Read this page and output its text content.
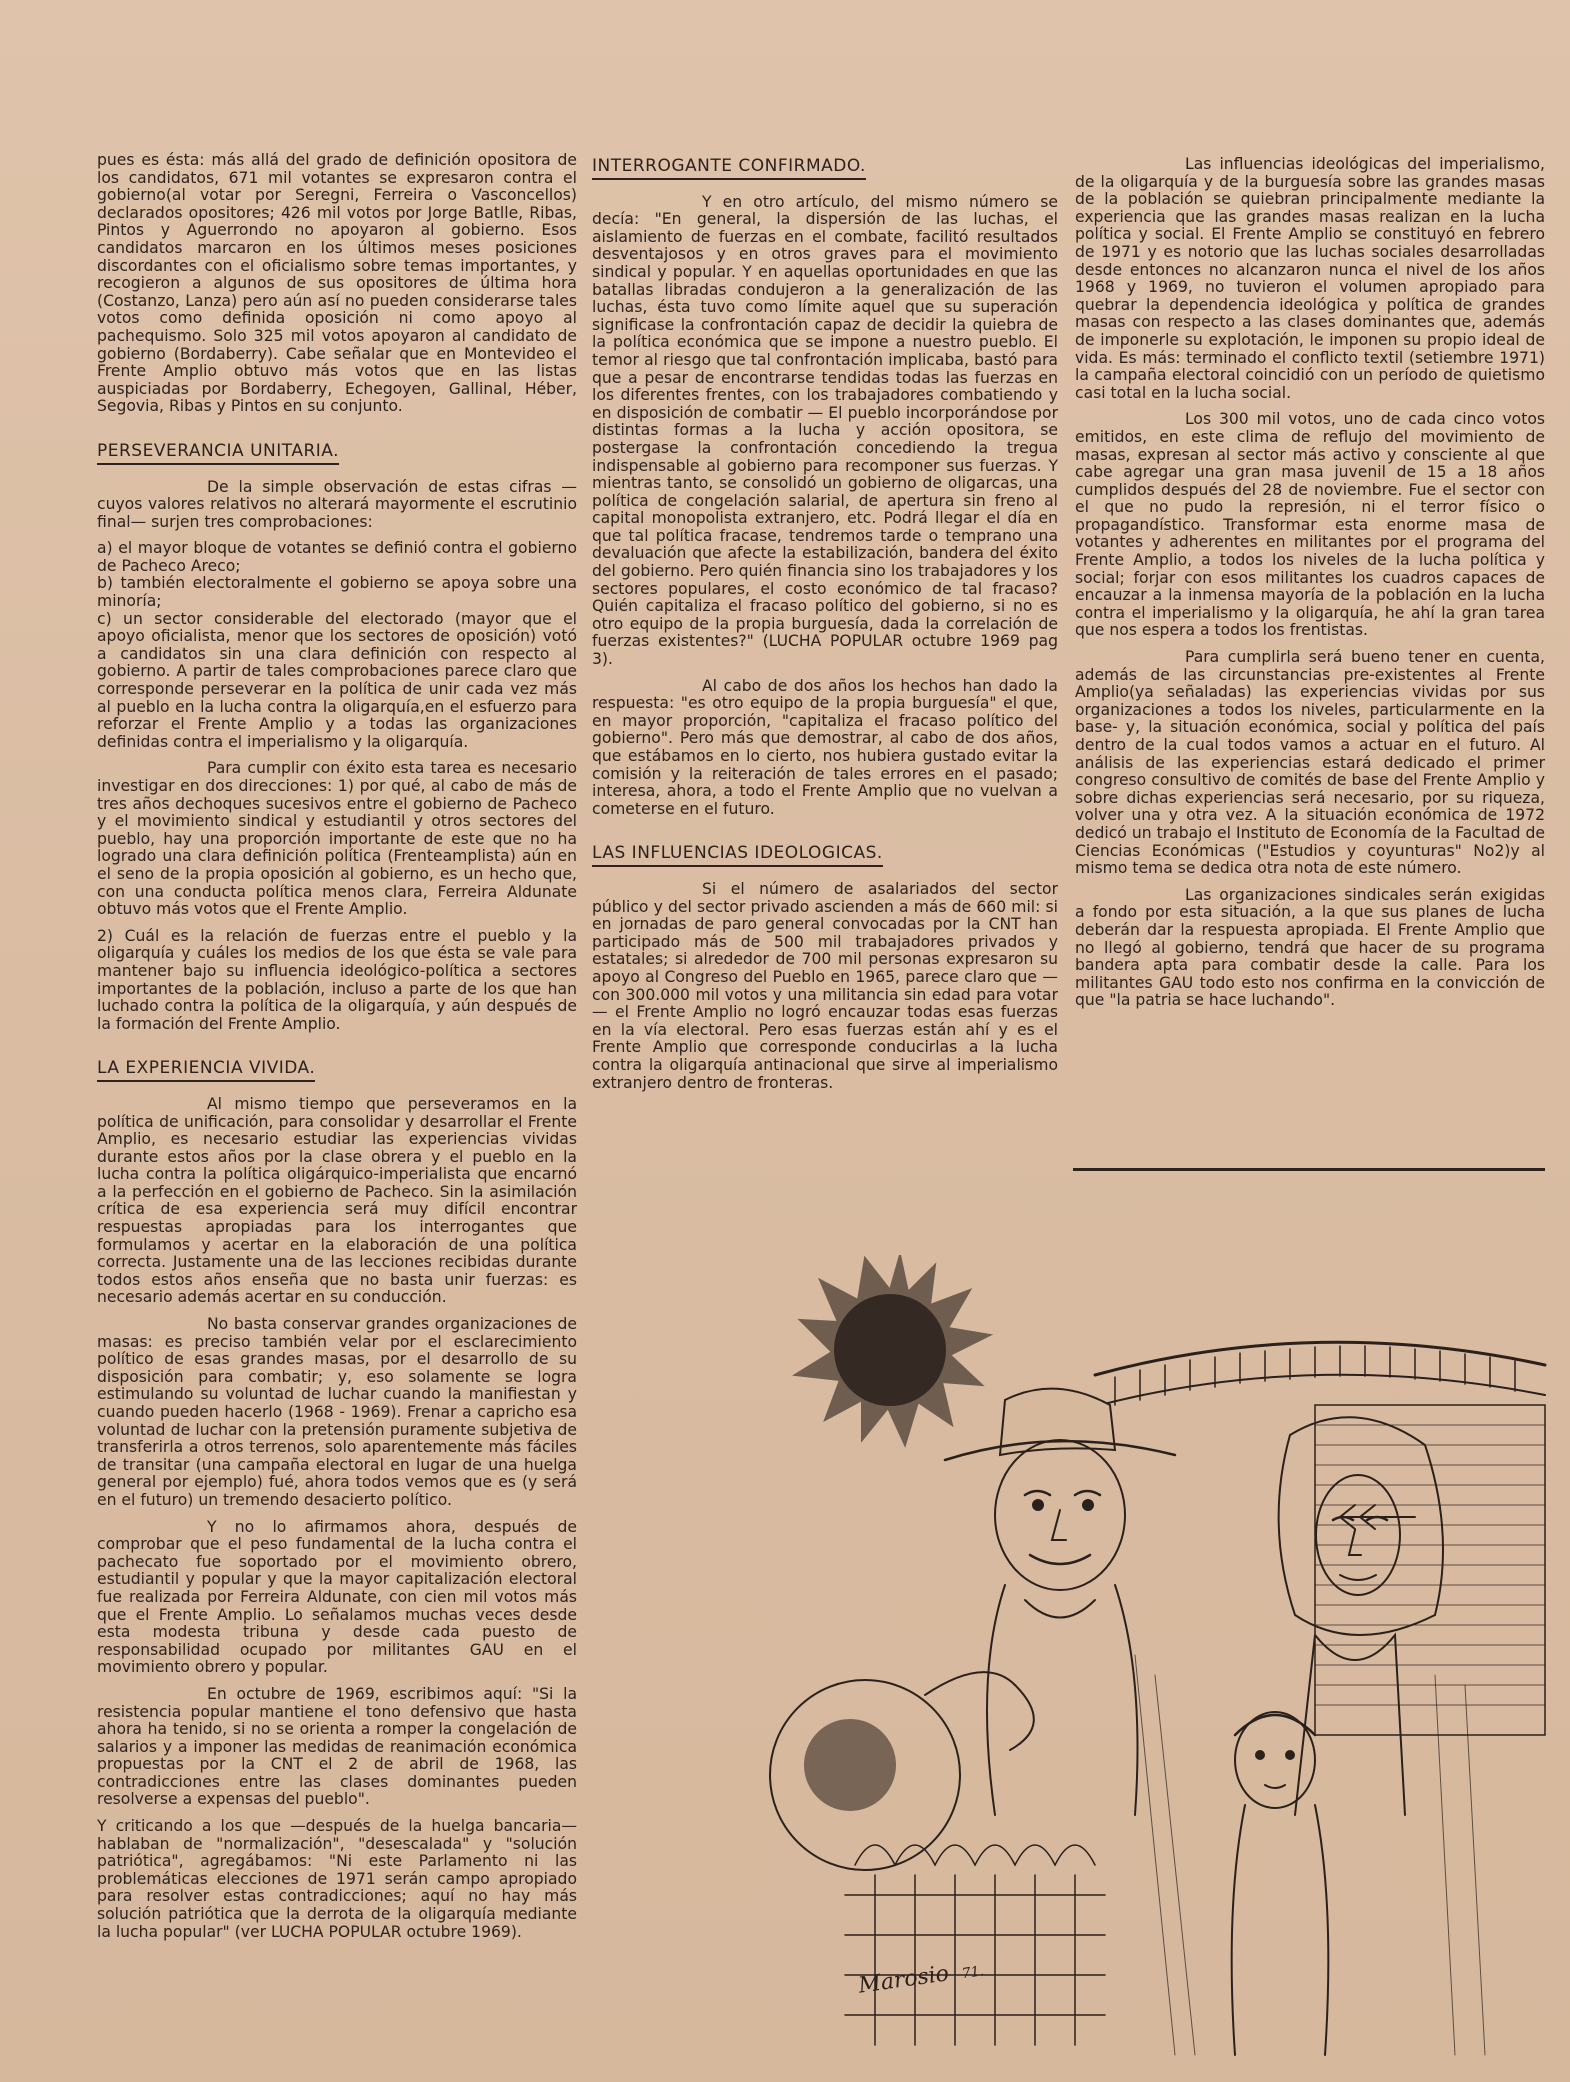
pues es ésta: más allá del grado de definición opositora de los candidatos, 671 mil votantes se expresaron contra el gobierno(al votar por Seregni, Ferreira o Vasconcellos) declarados opositores; 426 mil votos por Jorge Batlle, Ribas, Pintos y Aguerrondo no apoyaron al gobierno. Esos candidatos marcaron en los últimos meses posiciones discordantes con el oficialismo sobre temas importantes, y recogieron a algunos de sus opositores de última hora (Costanzo, Lanza) pero aún así no pueden considerarse tales votos como definida oposición ni como apoyo al pachequismo. Solo 325 mil votos apoyaron al candidato de gobierno (Bordaberry). Cabe señalar que en Montevideo el Frente Amplio obtuvo más votos que en las listas auspiciadas por Bordaberry, Echegoyen, Gallinal, Héber, Segovia, Ribas y Pintos en su conjunto.

PERSEVERANCIA UNITARIA.

De la simple observación de estas cifras —cuyos valores relativos no alterará mayormente el escrutinio final— surjen tres comprobaciones:

a) el mayor bloque de votantes se definió contra el gobierno de Pacheco Areco;

b) también electoralmente el gobierno se apoya sobre una minoría;

c) un sector considerable del electorado (mayor que el apoyo oficialista, menor que los sectores de oposición) votó a candidatos sin una clara definición con respecto al gobierno. A partir de tales comprobaciones parece claro que corresponde perseverar en la política de unir cada vez más al pueblo en la lucha contra la oligarquía,en el esfuerzo para reforzar el Frente Amplio y a todas las organizaciones definidas contra el imperialismo y la oligarquía.

Para cumplir con éxito esta tarea es necesario investigar en dos direcciones: 1) por qué, al cabo de más de tres años dechoques sucesivos entre el gobierno de Pacheco y el movimiento sindical y estudiantil y otros sectores del pueblo, hay una proporción importante de este que no ha logrado una clara definición política (Frenteamplista) aún en el seno de la propia oposición al gobierno, es un hecho que, con una conducta política menos clara, Ferreira Aldunate obtuvo más votos que el Frente Amplio.

2) Cuál es la relación de fuerzas entre el pueblo y la oligarquía y cuáles los medios de los que ésta se vale para mantener bajo su influencia ideológico-política a sectores importantes de la población, incluso a parte de los que han luchado contra la política de la oligarquía, y aún después de la formación del Frente Amplio.

LA EXPERIENCIA VIVIDA.

Al mismo tiempo que perseveramos en la política de unificación, para consolidar y desarrollar el Frente Amplio, es necesario estudiar las experiencias vividas durante estos años por la clase obrera y el pueblo en la lucha contra la política oligárquico-imperialista que encarnó a la perfección en el gobierno de Pacheco. Sin la asimilación crítica de esa experiencia será muy difícil encontrar respuestas apropiadas para los interrogantes que formulamos y acertar en la elaboración de una política correcta. Justamente una de las lecciones recibidas durante todos estos años enseña que no basta unir fuerzas: es necesario además acertar en su conducción.

No basta conservar grandes organizaciones de masas: es preciso también velar por el esclarecimiento político de esas grandes masas, por el desarrollo de su disposición para combatir; y, eso solamente se logra estimulando su voluntad de luchar cuando la manifiestan y cuando pueden hacerlo (1968 - 1969). Frenar a capricho esa voluntad de luchar con la pretensión puramente subjetiva de transferirla a otros terrenos, solo aparentemente más fáciles de transitar (una campaña electoral en lugar de una huelga general por ejemplo) fué, ahora todos vemos que es (y será en el futuro) un tremendo desacierto político.

Y no lo afirmamos ahora, después de comprobar que el peso fundamental de la lucha contra el pachecato fue soportado por el movimiento obrero, estudiantil y popular y que la mayor capitalización electoral fue realizada por Ferreira Aldunate, con cien mil votos más que el Frente Amplio. Lo señalamos muchas veces desde esta modesta tribuna y desde cada puesto de responsabilidad ocupado por militantes GAU en el movimiento obrero y popular.

En octubre de 1969, escribimos aquí: "Si la resistencia popular mantiene el tono defensivo que hasta ahora ha tenido, si no se orienta a romper la congelación de salarios y a imponer las medidas de reanimación económica propuestas por la CNT el 2 de abril de 1968, las contradicciones entre las clases dominantes pueden resolverse a expensas del pueblo".

Y criticando a los que —después de la huelga bancaria— hablaban de "normalización", "desescalada" y "solución patriótica", agregábamos: "Ni este Parlamento ni las problemáticas elecciones de 1971 serán campo apropiado para resolver estas contradicciones; aquí no hay más solución patriótica que la derrota de la oligarquía mediante la lucha popular" (ver LUCHA POPULAR octubre 1969).

INTERROGANTE CONFIRMADO.

Y en otro artículo, del mismo número se decía: "En general, la dispersión de las luchas, el aislamiento de fuerzas en el combate, facilitó resultados desventajosos y en otros graves para el movimiento sindical y popular. Y en aquellas oportunidades en que las batallas libradas condujeron a la generalización de las luchas, ésta tuvo como límite aquel que su superación significase la confrontación capaz de decidir la quiebra de la política económica que se impone a nuestro pueblo. El temor al riesgo que tal confrontación implicaba, bastó para que a pesar de encontrarse tendidas todas las fuerzas en los diferentes frentes, con los trabajadores combatiendo y en disposición de combatir — El pueblo incorporándose por distintas formas a la lucha y acción opositora, se postergase la confrontación concediendo la tregua indispensable al gobierno para recomponer sus fuerzas. Y mientras tanto, se consolidó un gobierno de oligarcas, una política de congelación salarial, de apertura sin freno al capital monopolista extranjero, etc. Podrá llegar el día en que tal política fracase, tendremos tarde o temprano una devaluación que afecte la estabilización, bandera del éxito del gobierno. Pero quién financia sino los trabajadores y los sectores populares, el costo económico de tal fracaso? Quién capitaliza el fracaso político del gobierno, si no es otro equipo de la propia burguesía, dada la correlación de fuerzas existentes?" (LUCHA POPULAR octubre 1969 pag 3).

Al cabo de dos años los hechos han dado la respuesta: "es otro equipo de la propia burguesía" el que, en mayor proporción, "capitaliza el fracaso político del gobierno". Pero más que demostrar, al cabo de dos años, que estábamos en lo cierto, nos hubiera gustado evitar la comisión y la reiteración de tales errores en el pasado; interesa, ahora, a todo el Frente Amplio que no vuelvan a cometerse en el futuro.

LAS INFLUENCIAS IDEOLOGICAS.

Si el número de asalariados del sector público y del sector privado ascienden a más de 660 mil: si en jornadas de paro general convocadas por la CNT han participado más de 500 mil trabajadores privados y estatales; si alrededor de 700 mil personas expresaron su apoyo al Congreso del Pueblo en 1965, parece claro que —con 300.000 mil votos y una militancia sin edad para votar— el Frente Amplio no logró encauzar todas esas fuerzas en la vía electoral. Pero esas fuerzas están ahí y es el Frente Amplio que corresponde conducirlas a la lucha contra la oligarquía antinacional que sirve al imperialismo extranjero dentro de fronteras.

Las influencias ideológicas del imperialismo, de la oligarquía y de la burguesía sobre las grandes masas de la población se quiebran principalmente mediante la experiencia que las grandes masas realizan en la lucha política y social. El Frente Amplio se constituyó en febrero de 1971 y es notorio que las luchas sociales desarrolladas desde entonces no alcanzaron nunca el nivel de los años 1968 y 1969, no tuvieron el volumen apropiado para quebrar la dependencia ideológica y política de grandes masas con respecto a las clases dominantes que, además de imponerle su explotación, le imponen su propio ideal de vida. Es más: terminado el conflicto textil (setiembre 1971) la campaña electoral coincidió con un período de quietismo casi total en la lucha social.

Los 300 mil votos, uno de cada cinco votos emitidos, en este clima de reflujo del movimiento de masas, expresan al sector más activo y consciente al que cabe agregar una gran masa juvenil de 15 a 18 años cumplidos después del 28 de noviembre. Fue el sector con el que no pudo la represión, ni el terror físico o propagandístico. Transformar esta enorme masa de votantes y adherentes en militantes por el programa del Frente Amplio, a todos los niveles de la lucha política y social; forjar con esos militantes los cuadros capaces de encauzar a la inmensa mayoría de la población en la lucha contra el imperialismo y la oligarquía, he ahí la gran tarea que nos espera a todos los frentistas.

Para cumplirla será bueno tener en cuenta, además de las circunstancias pre-existentes al Frente Amplio(ya señaladas) las experiencias vividas por sus organizaciones a todos los niveles, particularmente en la base- y, la situación económica, social y política del país dentro de la cual todos vamos a actuar en el futuro. Al análisis de las experiencias estará dedicado el primer congreso consultivo de comités de base del Frente Amplio y sobre dichas experiencias será necesario, por su riqueza, volver una y otra vez. A la situación económica de 1972 dedicó un trabajo el Instituto de Economía de la Facultad de Ciencias Económicas ("Estudios y coyunturas" No2)y al mismo tema se dedica otra nota de este número.

Las organizaciones sindicales serán exigidas a fondo por esta situación, a la que sus planes de lucha deberán dar la respuesta apropiada. El Frente Amplio que no llegó al gobierno, tendrá que hacer de su programa bandera apta para combatir desde la calle. Para los militantes GAU todo esto nos confirma en la convicción de que "la patria se hace luchando".

Marosio 71.
